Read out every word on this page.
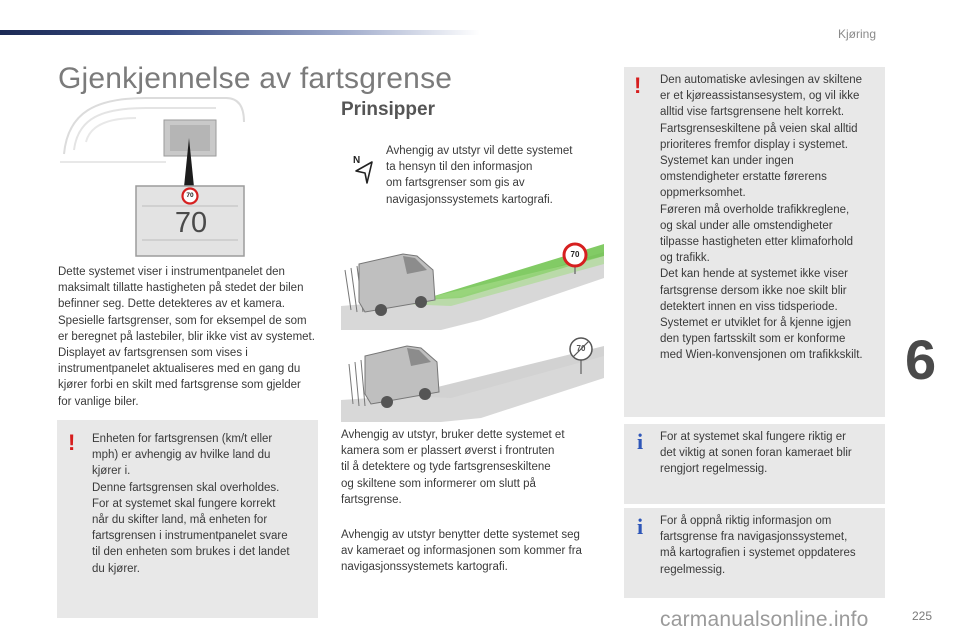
Kjøring
Gjenkjennelse av fartsgrense
70
70
Dette systemet viser i instrumentpanelet den
maksimalt tillatte hastigheten på stedet der bilen
befinner seg. Dette detekteres av et kamera.
Spesielle fartsgrenser, som for eksempel de som
er beregnet på lastebiler, blir ikke vist av systemet.
Displayet av fartsgrensen som vises i
instrumentpanelet aktualiseres med en gang du
kjører forbi en skilt med fartsgrense som gjelder
for vanlige biler.
! Enheten for fartsgrensen (km/t eller
mph) er avhengig av hvilke land du
kjører i.
Denne fartsgrensen skal overholdes.
For at systemet skal fungere korrekt
når du skifter land, må enheten for
fartsgrensen i instrumentpanelet svare
til den enheten som brukes i det landet
du kjører.
Prinsipper
N
Avhengig av utstyr vil dette systemet
ta hensyn til den informasjon
om fartsgrenser som gis av
navigasjonssystemets kartografi.
70
70
Avhengig av utstyr, bruker dette systemet et
kamera som er plassert øverst i frontruten
til å detektere og tyde fartsgrenseskiltene
og skiltene som informerer om slutt på
fartsgrense.
Avhengig av utstyr benytter dette systemet seg
av kameraet og informasjonen som kommer fra
navigasjonssystemets kartografi.
! Den automatiske avlesingen av skiltene
er et kjøreassistansesystem, og vil ikke
alltid vise fartsgrensene helt korrekt.
Fartsgrenseskiltene på veien skal alltid
prioriteres fremfor display i systemet.
Systemet kan under ingen
omstendigheter erstatte førerens
oppmerksomhet.
Føreren må overholde trafikkreglene,
og skal under alle omstendigheter
tilpasse hastigheten etter klimaforhold
og trafikk.
Det kan hende at systemet ikke viser
fartsgrense dersom ikke noe skilt blir
detektert innen en viss tidsperiode.
Systemet er utviklet for å kjenne igjen
den typen fartsskilt som er konforme
med Wien-konvensjonen om trafikkskilt.
i For at systemet skal fungere riktig er
det viktig at sonen foran kameraet blir
rengjort regelmessig.
i For å oppnå riktig informasjon om
fartsgrense fra navigasjonssystemet,
må kartografien i systemet oppdateres
regelmessig.
6
carmanualsonline.info	225
